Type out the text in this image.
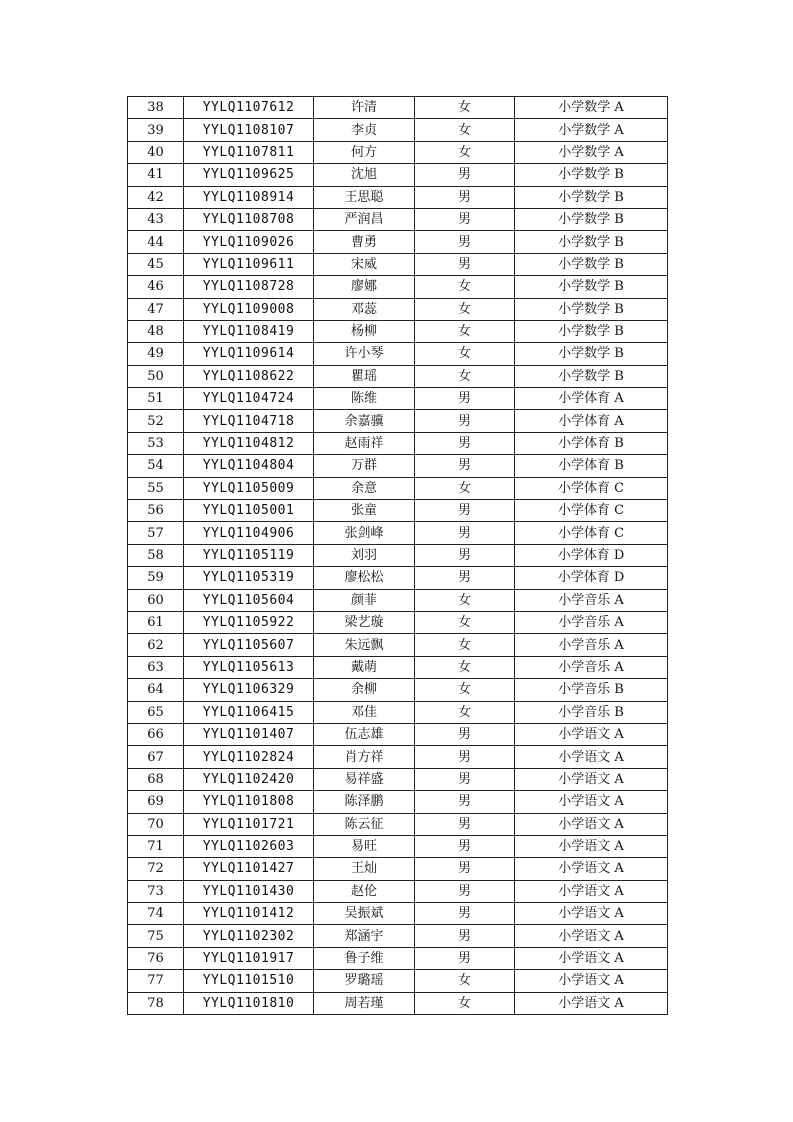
38	YYLQ1107612	许清	女	小学数学 A
39	YYLQ1108107	李贞	女	小学数学 A
40	YYLQ1107811	何方	女	小学数学 A
41	YYLQ1109625	沈旭	男	小学数学 B
42	YYLQ1108914	王思聪	男	小学数学 B
43	YYLQ1108708	严润昌	男	小学数学 B
44	YYLQ1109026	曹勇	男	小学数学 B
45	YYLQ1109611	宋威	男	小学数学 B
46	YYLQ1108728	廖娜	女	小学数学 B
47	YYLQ1109008	邓蕊	女	小学数学 B
48	YYLQ1108419	杨柳	女	小学数学 B
49	YYLQ1109614	许小琴	女	小学数学 B
50	YYLQ1108622	瞿瑶	女	小学数学 B
51	YYLQ1104724	陈维	男	小学体育 A
52	YYLQ1104718	余嘉骥	男	小学体育 A
53	YYLQ1104812	赵雨祥	男	小学体育 B
54	YYLQ1104804	万群	男	小学体育 B
55	YYLQ1105009	余意	女	小学体育 C
56	YYLQ1105001	张童	男	小学体育 C
57	YYLQ1104906	张剑峰	男	小学体育 C
58	YYLQ1105119	刘羽	男	小学体育 D
59	YYLQ1105319	廖松松	男	小学体育 D
60	YYLQ1105604	颜菲	女	小学音乐 A
61	YYLQ1105922	梁艺璇	女	小学音乐 A
62	YYLQ1105607	朱远飘	女	小学音乐 A
63	YYLQ1105613	戴萌	女	小学音乐 A
64	YYLQ1106329	余柳	女	小学音乐 B
65	YYLQ1106415	邓佳	女	小学音乐 B
66	YYLQ1101407	伍志雄	男	小学语文 A
67	YYLQ1102824	肖方祥	男	小学语文 A
68	YYLQ1102420	易祥盛	男	小学语文 A
69	YYLQ1101808	陈泽鹏	男	小学语文 A
70	YYLQ1101721	陈云征	男	小学语文 A
71	YYLQ1102603	易旺	男	小学语文 A
72	YYLQ1101427	王灿	男	小学语文 A
73	YYLQ1101430	赵伦	男	小学语文 A
74	YYLQ1101412	吴振斌	男	小学语文 A
75	YYLQ1102302	郑涵宇	男	小学语文 A
76	YYLQ1101917	鲁子维	男	小学语文 A
77	YYLQ1101510	罗璐瑶	女	小学语文 A
78	YYLQ1101810	周若瑾	女	小学语文 A
